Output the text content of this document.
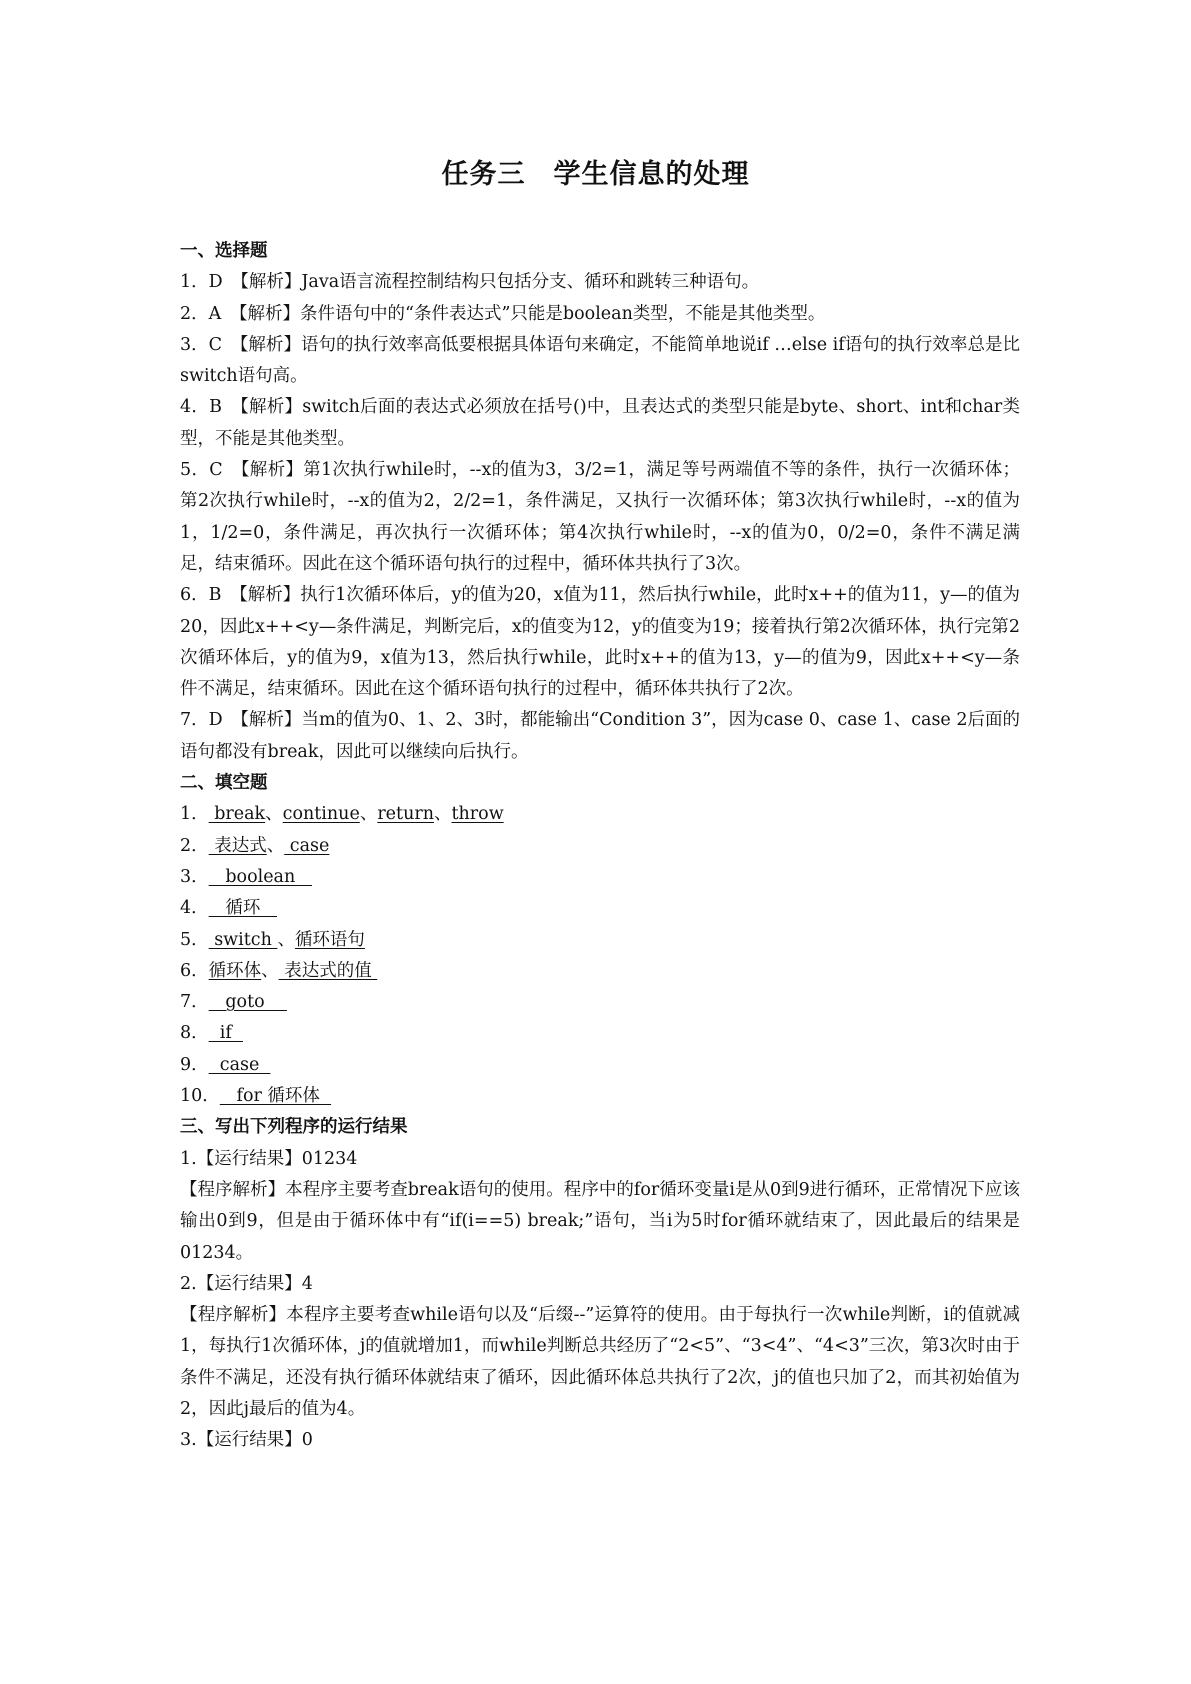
任务三　学生信息的处理

一、选择题

1．D　【解析】Java语言流程控制结构只包括分支、循环和跳转三种语句。

2．A　【解析】条件语句中的“条件表达式”只能是boolean类型，不能是其他类型。

3．C　【解析】语句的执行效率高低要根据具体语句来确定，不能简单地说if …else if语句的执行效率总是比switch语句高。

4．B　【解析】switch后面的表达式必须放在括号()中，且表达式的类型只能是byte、short、int和char类型，不能是其他类型。

5．C　【解析】第1次执行while时，--x的值为3，3/2=1，满足等号两端值不等的条件，执行一次循环体；第2次执行while时，--x的值为2，2/2=1，条件满足，又执行一次循环体；第3次执行while时，--x的值为1，1/2=0，条件满足，再次执行一次循环体；第4次执行while时，--x的值为0，0/2=0，条件不满足满足，结束循环。因此在这个循环语句执行的过程中，循环体共执行了3次。

6．B　【解析】执行1次循环体后，y的值为20，x值为11，然后执行while，此时x++的值为11，y—的值为20，因此x++<y—条件满足，判断完后，x的值变为12，y的值变为19；接着执行第2次循环体，执行完第2次循环体后，y的值为9，x值为13，然后执行while，此时x++的值为13，y—的值为9，因此x++<y—条件不满足，结束循环。因此在这个循环语句执行的过程中，循环体共执行了2次。

7．D　【解析】当m的值为0、1、2、3时，都能输出“Condition 3”，因为case 0、case 1、case 2后面的语句都没有break，因此可以继续向后执行。

二、填空题

1． break、continue、return、throw

2． 表达式、 case

3．   boolean

4．   循环

5． switch 、循环语句

6．循环体、 表达式的值

7．   goto

8．  if

9．  case

10．   for 循环体

三、写出下列程序的运行结果

1.【运行结果】01234

【程序解析】本程序主要考查break语句的使用。程序中的for循环变量i是从0到9进行循环，正常情况下应该输出0到9，但是由于循环体中有“if(i==5) break;”语句，当i为5时for循环就结束了，因此最后的结果是01234。

2.【运行结果】4

【程序解析】本程序主要考查while语句以及“后缀--”运算符的使用。由于每执行一次while判断，i的值就减1，每执行1次循环体，j的值就增加1，而while判断总共经历了“2<5”、“3<4”、“4<3”三次，第3次时由于条件不满足，还没有执行循环体就结束了循环，因此循环体总共执行了2次，j的值也只加了2，而其初始值为2，因此j最后的值为4。

3.【运行结果】0
